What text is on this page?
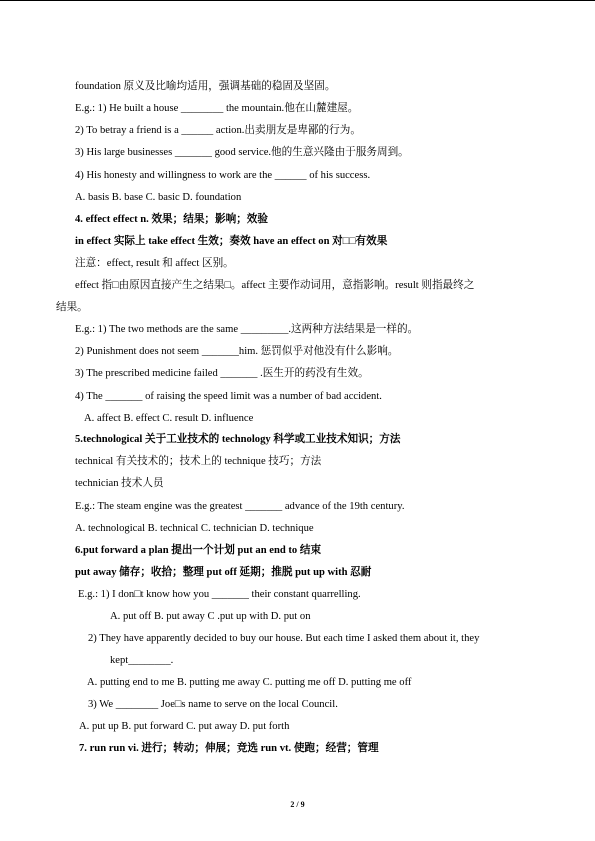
foundation 原义及比喻均适用，强调基础的稳固及坚固。
E.g.: 1) He built a house ________ the mountain.他在山麓建屋。
2) To betray a friend is a ______ action.出卖朋友是卑鄙的行为。
3) His large businesses _______ good service.他的生意兴隆由于服务周到。
4) His honesty and willingness to work are the ______ of his success.
A. basis B. base C. basic D. foundation
4. effect effect n. 效果；结果；影响；效验
in effect 实际上 take effect 生效；奏效 have an effect on 对□□有效果
注意：effect, result 和 affect 区别。
effect 指□由原因直接产生之结果□。affect 主要作动词用，意指影响。result 则指最终之
结果。
E.g.: 1) The two methods are the same _________.这两种方法结果是一样的。
2) Punishment does not seem _______him. 惩罚似乎对他没有什么影响。
3) The prescribed medicine failed _______ .医生开的药没有生效。
4) The _______ of raising the speed limit was a number of bad accident.
A. affect B. effect C. result D. influence
5.technological 关于工业技术的 technology 科学或工业技术知识；方法
technical 有关技术的；技术上的 technique 技巧；方法
technician 技术人员
E.g.: The steam engine was the greatest _______ advance of the 19th century.
A. technological B. technical C. technician D. technique
6.put forward a plan 提出一个计划 put an end to 结束
put away 储存；收拾；整理 put off 延期；推脱 put up with 忍耐
E.g.: 1) I don□t know how you _______ their constant quarrelling.
A. put off B. put away C .put up with D. put on
2) They have apparently decided to buy our house. But each time I asked them about it, they
kept________.
A. putting end to me B. putting me away C. putting me off D. putting me off
3) We ________ Joe□s name to serve on the local Council.
A. put up B. put forward C. put away D. put forth
7. run run vi. 进行；转动；伸展；竞选 run vt. 使跑；经营；管理
2 / 9
